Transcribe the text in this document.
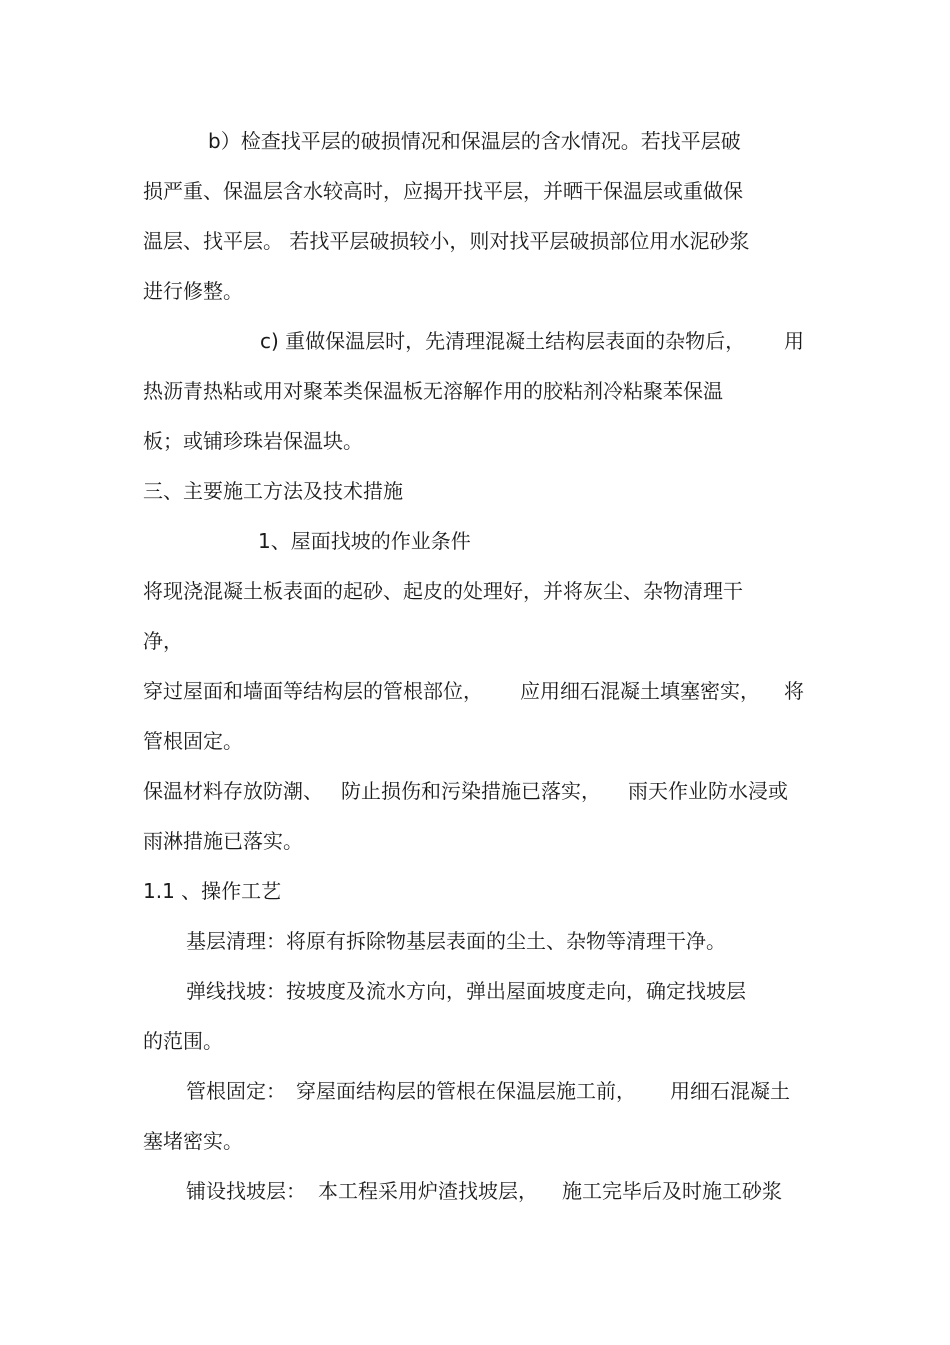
b）检查找平层的破损情况和保温层的含水情况。若找平层破
损严重、保温层含水较高时，应揭开找平层，并晒干保温层或重做保
温层、找平层。 若找平层破损较小，则对找平层破损部位用水泥砂浆
进行修整。
c) 重做保温层时，先清理混凝土结构层表面的杂物后， 用
热沥青热粘或用对聚苯类保温板无溶解作用的胶粘剂冷粘聚苯保温
板；或铺珍珠岩保温块。
三、主要施工方法及技术措施
1、屋面找坡的作业条件
将现浇混凝土板表面的起砂、起皮的处理好，并将灰尘、杂物清理干
净，
穿过屋面和墙面等结构层的管根部位， 应用细石混凝土填塞密实， 将
管根固定。
保温材料存放防潮、 防止损伤和污染措施已落实， 雨天作业防水浸或
雨淋措施已落实。
1.1 、操作工艺
基层清理：将原有拆除物基层表面的尘土、杂物等清理干净。
弹线找坡：按坡度及流水方向，弹出屋面坡度走向，确定找坡层
的范围。
管根固定： 穿屋面结构层的管根在保温层施工前， 用细石混凝土
塞堵密实。
铺设找坡层： 本工程采用炉渣找坡层， 施工完毕后及时施工砂浆
